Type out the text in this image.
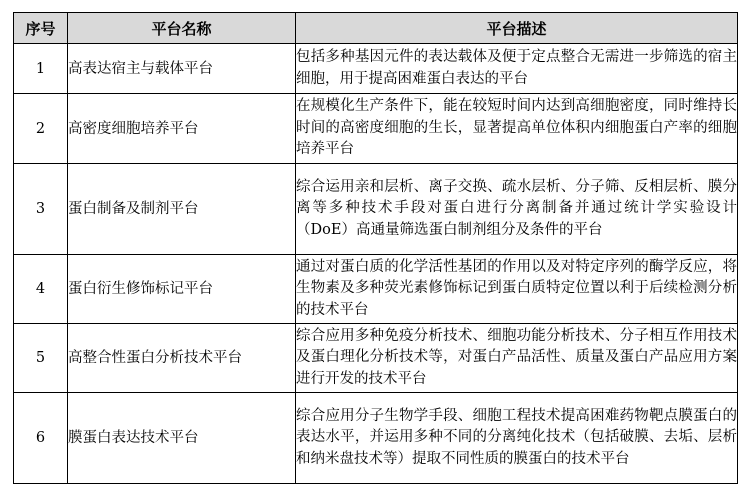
序号	平台名称	平台描述
1	高表达宿主与载体平台	包括多种基因元件的表达载体及便于定点整合无需进一步筛选的宿主细胞，用于提高困难蛋白表达的平台
2	高密度细胞培养平台	在规模化生产条件下，能在较短时间内达到高细胞密度，同时维持长时间的高密度细胞的生长，显著提高单位体积内细胞蛋白产率的细胞培养平台
3	蛋白制备及制剂平台	综合运用亲和层析、离子交换、疏水层析、分子筛、反相层析、膜分离等多种技术手段对蛋白进行分离制备并通过统计学实验设计（DoE）高通量筛选蛋白制剂组分及条件的平台
4	蛋白衍生修饰标记平台	通过对蛋白质的化学活性基团的作用以及对特定序列的酶学反应，将生物素及多种荧光素修饰标记到蛋白质特定位置以利于后续检测分析的技术平台
5	高整合性蛋白分析技术平台	综合应用多种免疫分析技术、细胞功能分析技术、分子相互作用技术及蛋白理化分析技术等，对蛋白产品活性、质量及蛋白产品应用方案进行开发的技术平台
6	膜蛋白表达技术平台	综合应用分子生物学手段、细胞工程技术提高困难药物靶点膜蛋白的表达水平，并运用多种不同的分离纯化技术（包括破膜、去垢、层析和纳米盘技术等）提取不同性质的膜蛋白的技术平台
